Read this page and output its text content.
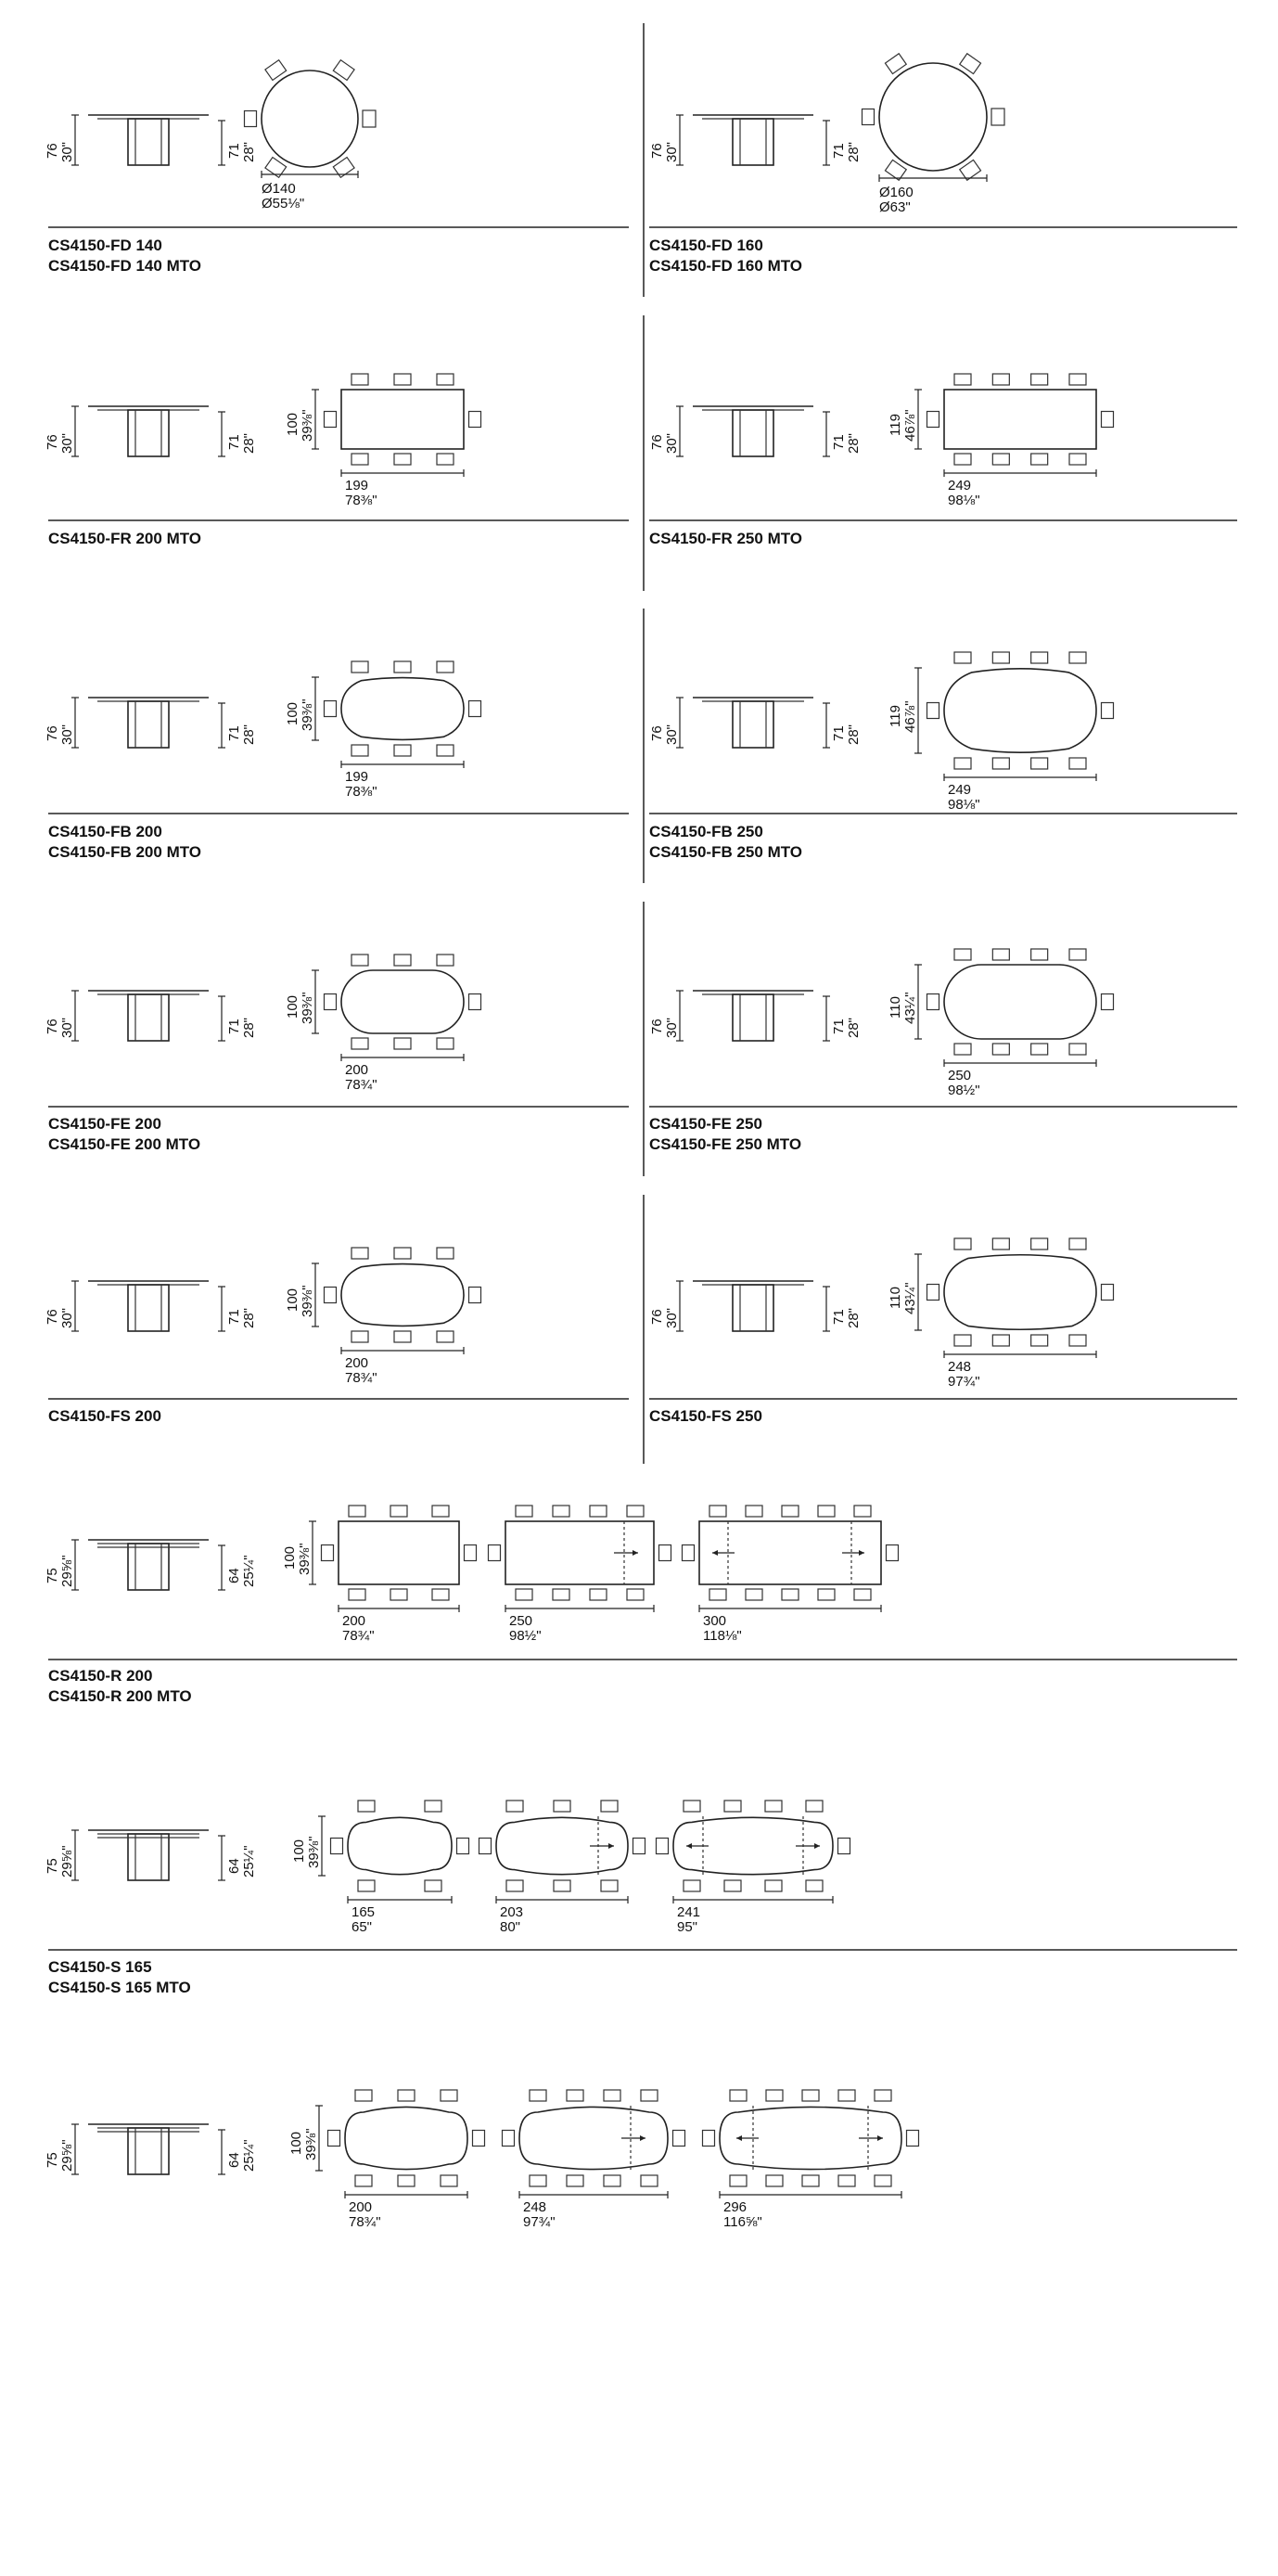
76 30"	71 28"
Ø140
Ø55⅛"
CS4150-FD 140
CS4150-FD 140 MTO
76 30"	71 28"
Ø160
Ø63"
CS4150-FD 160
CS4150-FD 160 MTO
76 30"	71 28"
199
78⅜"
100 39⅜"
CS4150-FR 200 MTO
76 30"	71 28"
249
98⅛"
119 46⅞"
CS4150-FR 250 MTO
76 30"	71 28"
199
78⅜"
100 39⅜"
CS4150-FB 200
CS4150-FB 200 MTO
76 30"	71 28"
249
98⅛"
119 46⅞"
CS4150-FB 250
CS4150-FB 250 MTO
76 30"	71 28"
200
78¾"
100 39⅜"
CS4150-FE 200
CS4150-FE 200 MTO
76 30"	71 28"
250
98½"
110 43¼"
CS4150-FE 250
CS4150-FE 250 MTO
76 30"	71 28"
200
78¾"
100 39⅜"
CS4150-FS 200
76 30"	71 28"
248
97¾"
110 43¼"
CS4150-FS 250
75 29⅝"	64 25¼"
200
78¾"
100 39⅜"
250
98½"
300
118⅛"
CS4150-R 200
CS4150-R 200 MTO
75 29⅝"	64 25¼"
165
65"
100 39⅜"
203
80"
241
95"
CS4150-S 165
CS4150-S 165 MTO
75 29⅝"	64 25¼"
200
78¾"
100 39⅜"
248
97¾"
296
116⅝"
